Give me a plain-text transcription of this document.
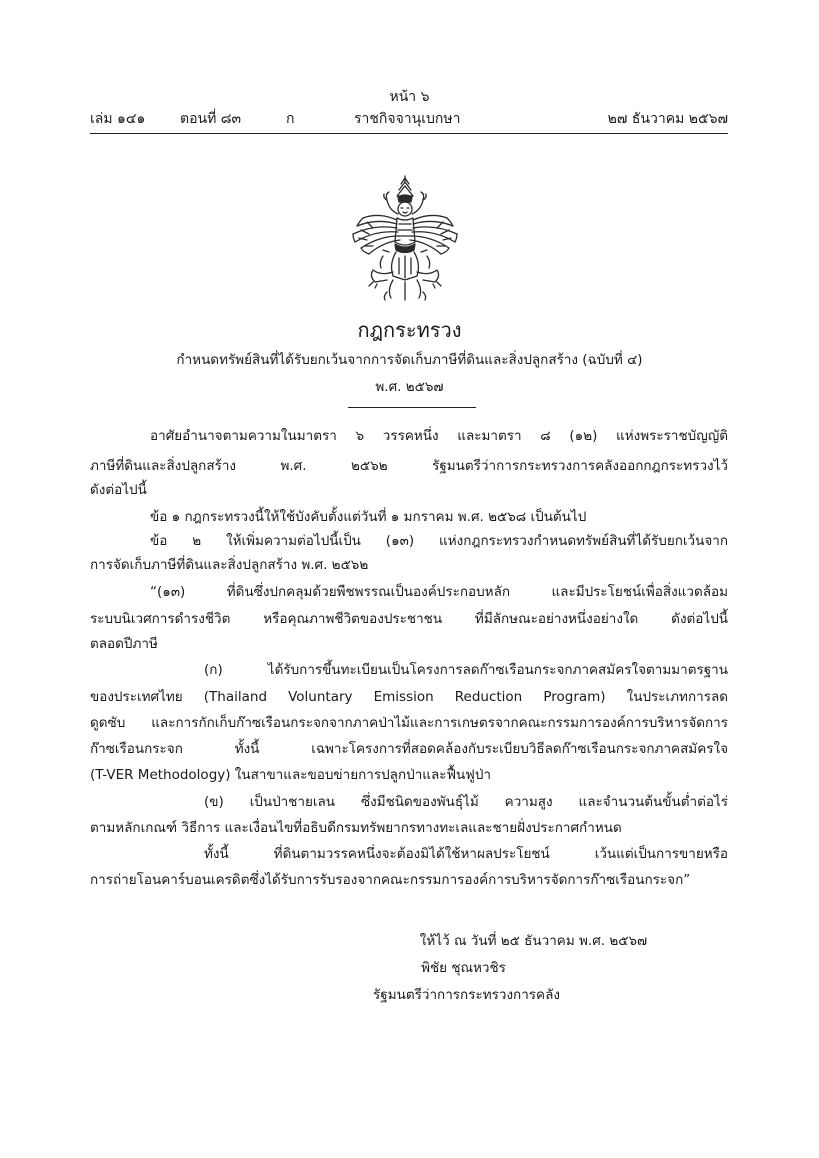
หน้า ๖
เล่ม ๑๔๑ ตอนที่ ๘๓	ก	ราชกิจจานุเบกษา	๒๗ ธันวาคม ๒๕๖๗
กฎกระทรวง
กำหนดทรัพย์สินที่ได้รับยกเว้นจากการจัดเก็บภาษีที่ดินและสิ่งปลูกสร้าง (ฉบับที่ ๔)
พ.ศ. ๒๕๖๗
อาศัยอำนาจตามความในมาตรา ๖ วรรคหนึ่ง และมาตรา ๘ (๑๒) แห่งพระราชบัญญัติ
ภาษีที่ดินและสิ่งปลูกสร้าง พ.ศ. ๒๕๖๒ รัฐมนตรีว่าการกระทรวงการคลังออกกฎกระทรวงไว้
ดังต่อไปนี้
ข้อ ๑ กฎกระทรวงนี้ให้ใช้บังคับตั้งแต่วันที่ ๑ มกราคม พ.ศ. ๒๕๖๘ เป็นต้นไป
ข้อ ๒ ให้เพิ่มความต่อไปนี้เป็น (๑๓) แห่งกฎกระทรวงกำหนดทรัพย์สินที่ได้รับยกเว้นจาก
การจัดเก็บภาษีที่ดินและสิ่งปลูกสร้าง พ.ศ. ๒๕๖๒
“(๑๓) ที่ดินซึ่งปกคลุมด้วยพืชพรรณเป็นองค์ประกอบหลัก และมีประโยชน์เพื่อสิ่งแวดล้อม
ระบบนิเวศการดำรงชีวิต หรือคุณภาพชีวิตของประชาชน ที่มีลักษณะอย่างหนึ่งอย่างใด ดังต่อไปนี้
ตลอดปีภาษี
(ก) ได้รับการขึ้นทะเบียนเป็นโครงการลดก๊าซเรือนกระจกภาคสมัครใจตามมาตรฐาน
ของประเทศไทย (Thailand Voluntary Emission Reduction Program) ในประเภทการลด
ดูดซับ และการกักเก็บก๊าซเรือนกระจกจากภาคป่าไม้และการเกษตรจากคณะกรรมการองค์การบริหารจัดการ
ก๊าซเรือนกระจก ทั้งนี้ เฉพาะโครงการที่สอดคล้องกับระเบียบวิธีลดก๊าซเรือนกระจกภาคสมัครใจ
(T-VER Methodology) ในสาขาและขอบข่ายการปลูกป่าและฟื้นฟูป่า
(ข) เป็นป่าชายเลน ซึ่งมีชนิดของพันธุ์ไม้ ความสูง และจำนวนต้นขั้นต่ำต่อไร่
ตามหลักเกณฑ์ วิธีการ และเงื่อนไขที่อธิบดีกรมทรัพยากรทางทะเลและชายฝั่งประกาศกำหนด
ทั้งนี้ ที่ดินตามวรรคหนึ่งจะต้องมิได้ใช้หาผลประโยชน์ เว้นแต่เป็นการขายหรือ
การถ่ายโอนคาร์บอนเครดิตซึ่งได้รับการรับรองจากคณะกรรมการองค์การบริหารจัดการก๊าซเรือนกระจก”
ให้ไว้ ณ วันที่ ๒๕ ธันวาคม พ.ศ. ๒๕๖๗
พิชัย ชุณหวชิร
รัฐมนตรีว่าการกระทรวงการคลัง
